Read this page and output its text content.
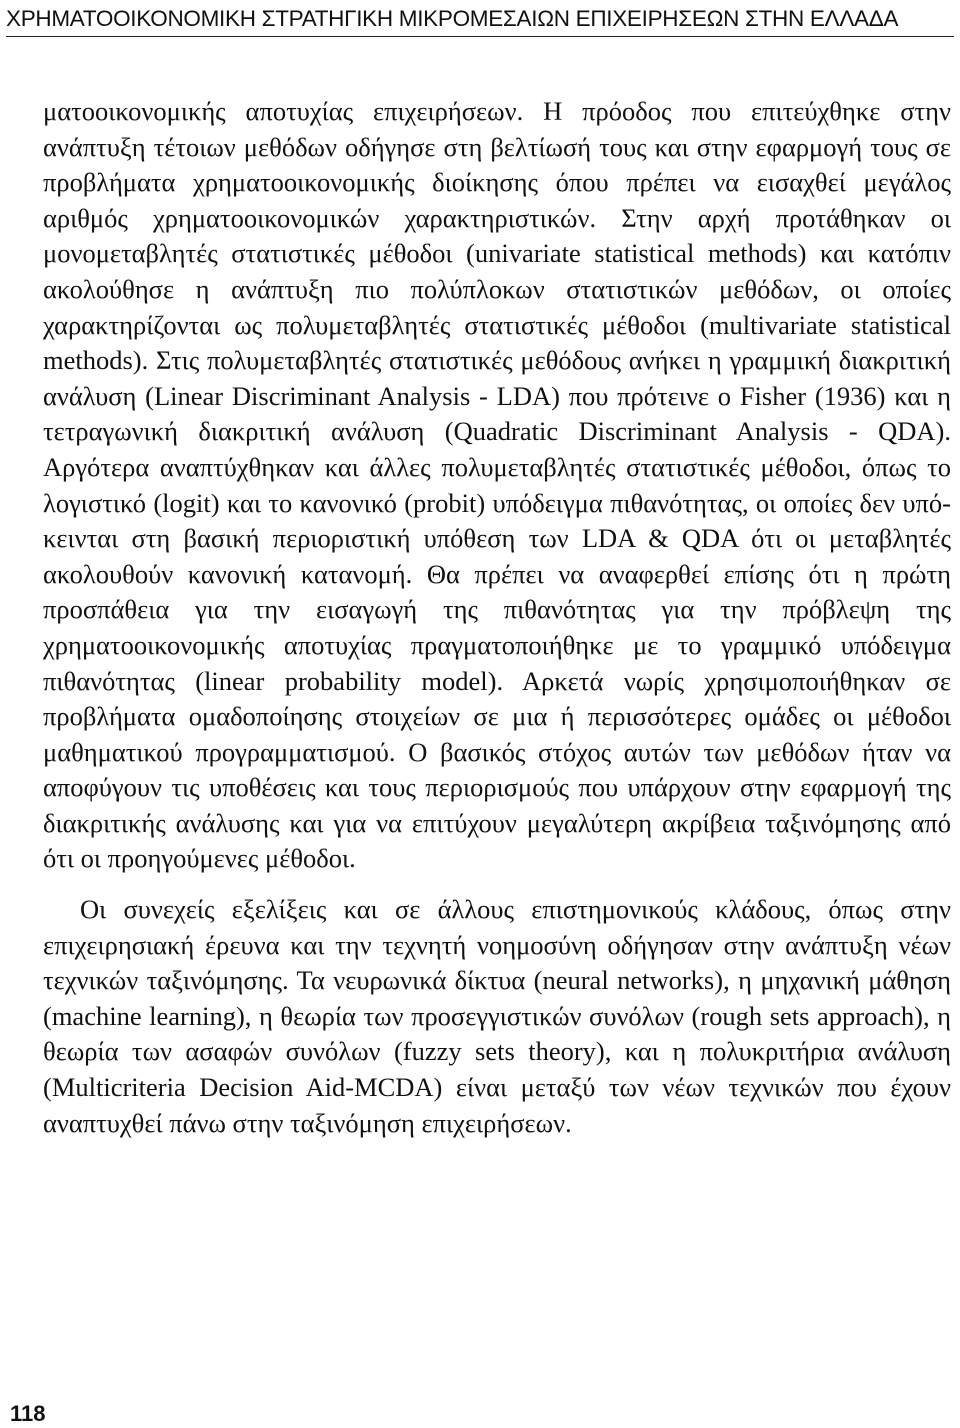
ΧΡΗΜΑΤΟΟΙΚΟΝΟΜΙΚΗ ΣΤΡΑΤΗΓΙΚΗ ΜΙΚΡΟΜΕΣΑΙΩΝ ΕΠΙΧΕΙΡΗΣΕΩΝ ΣΤΗΝ ΕΛΛΑΔΑ

ματοοικονομικής αποτυχίας επιχειρήσεων. Η πρόοδος που επιτεύχθηκε στην ανάπτυξη τέτοιων μεθόδων οδήγησε στη βελτίωσή τους και στην εφαρμογή τους σε προβλήματα χρηματοοικονομικής διοίκησης όπου πρέπει να εισαχθεί μεγάλος αριθμός χρηματοοικονομικών χαρακτηριστικών. Στην αρχή προτάθηκαν οι μονομεταβλητές στατιστικές μέθοδοι (univariate statistical methods) και κατόπιν ακολούθησε η ανάπτυξη πιο πολύπλοκων στατιστικών μεθόδων, οι οποίες χαρακτηρίζονται ως πολυμεταβλητές στατιστικές μέθοδοι (multivariate statistical methods). Στις πολυμεταβλητές στατιστικές μεθόδους ανήκει η γραμμική διακριτική ανάλυση (Linear Discriminant Analysis - LDA) που πρότεινε ο Fisher (1936) και η τετραγωνική διακριτική ανάλυση (Quadratic Discriminant Analysis - QDA). Αργότερα αναπτύχθηκαν και άλλες πολυμεταβλητές στατιστικές μέθοδοι, όπως το λογιστικό (logit) και το κανονικό (probit) υπόδειγμα πιθανότητας, οι οποίες δεν υπόκεινται στη βασική περιοριστική υπόθεση των LDA & QDA ότι οι μεταβλητές ακολουθούν κανονική κατανομή. Θα πρέπει να αναφερθεί επίσης ότι η πρώτη προσπάθεια για την εισαγωγή της πιθανότητας για την πρόβλεψη της χρηματοοικονομικής αποτυχίας πραγματοποιήθηκε με το γραμμικό υπόδειγμα πιθανότητας (linear probability model). Αρκετά νωρίς χρησιμοποιήθηκαν σε προβλήματα ομαδοποίησης στοιχείων σε μια ή περισσότερες ομάδες οι μέθοδοι μαθηματικού προγραμματισμού. Ο βασικός στόχος αυτών των μεθόδων ήταν να αποφύγουν τις υποθέσεις και τους περιορισμούς που υπάρχουν στην εφαρμογή της διακριτικής ανάλυσης και για να επιτύχουν μεγαλύτερη ακρίβεια ταξινόμησης από ότι οι προηγούμενες μέθοδοι.

Οι συνεχείς εξελίξεις και σε άλλους επιστημονικούς κλάδους, όπως στην επιχειρησιακή έρευνα και την τεχνητή νοημοσύνη οδήγησαν στην ανάπτυξη νέων τεχνικών ταξινόμησης. Τα νευρωνικά δίκτυα (neural networks), η μηχανική μάθηση (machine learning), η θεωρία των προσεγγιστικών συνόλων (rough sets approach), η θεωρία των ασαφών συνόλων (fuzzy sets theory), και η πολυκριτήρια ανάλυση (Multicriteria Decision Aid-MCDA) είναι μεταξύ των νέων τεχνικών που έχουν αναπτυχθεί πάνω στην ταξινόμηση επιχειρήσεων.

118
